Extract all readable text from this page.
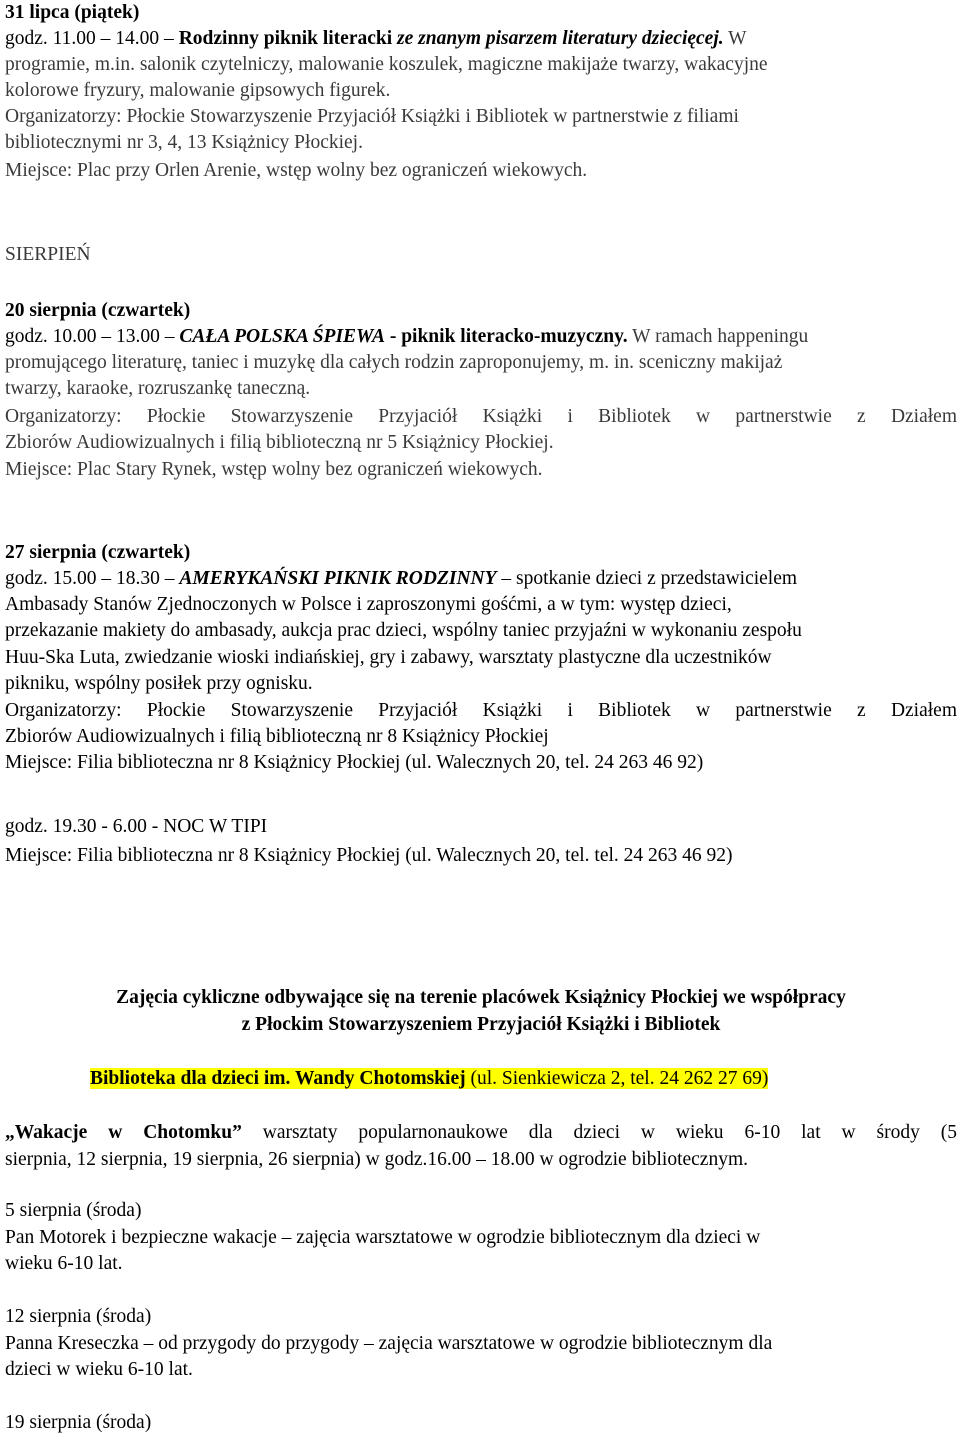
31 lipca (piątek)
godz. 11.00 – 14.00 – Rodzinny piknik literacki ze znanym pisarzem literatury dziecięcej. W
programie, m.in. salonik czytelniczy, malowanie koszulek, magiczne makijaże twarzy, wakacyjne
kolorowe fryzury, malowanie gipsowych figurek.
Organizatorzy: Płockie Stowarzyszenie Przyjaciół Książki i Bibliotek w partnerstwie z filiami
bibliotecznymi nr 3, 4, 13 Książnicy Płockiej.
Miejsce: Plac przy Orlen Arenie, wstęp wolny bez ograniczeń wiekowych.
SIERPIEŃ
20 sierpnia (czwartek)
godz. 10.00 – 13.00 – CAŁA POLSKA ŚPIEWA - piknik literacko-muzyczny. W ramach happeningu
promującego literaturę, taniec i muzykę dla całych rodzin zaproponujemy, m. in. sceniczny makijaż
twarzy, karaoke, rozruszankę taneczną.
Organizatorzy: Płockie Stowarzyszenie Przyjaciół Książki i Bibliotek w partnerstwie z Działem
Zbiorów Audiowizualnych i filią biblioteczną nr 5 Książnicy Płockiej.
Miejsce: Plac Stary Rynek, wstęp wolny bez ograniczeń wiekowych.
27 sierpnia (czwartek)
godz. 15.00 – 18.30 – AMERYKAŃSKI PIKNIK RODZINNY – spotkanie dzieci z przedstawicielem
Ambasady Stanów Zjednoczonych w Polsce i zaproszonymi gośćmi, a w tym: występ dzieci,
przekazanie makiety do ambasady, aukcja prac dzieci, wspólny taniec przyjaźni w wykonaniu zespołu
Huu-Ska Luta, zwiedzanie wioski indiańskiej, gry i zabawy, warsztaty plastyczne dla uczestników
pikniku, wspólny posiłek przy ognisku.
Organizatorzy: Płockie Stowarzyszenie Przyjaciół Książki i Bibliotek w partnerstwie z Działem
Zbiorów Audiowizualnych i filią biblioteczną nr 8 Książnicy Płockiej
Miejsce: Filia biblioteczna nr 8 Książnicy Płockiej (ul. Walecznych 20, tel. 24 263 46 92)
godz. 19.30 - 6.00 - NOC W TIPI
Miejsce: Filia biblioteczna nr 8 Książnicy Płockiej (ul. Walecznych 20, tel. tel. 24 263 46 92)
Zajęcia cykliczne odbywające się na terenie placówek Książnicy Płockiej we współpracy
z Płockim Stowarzyszeniem Przyjaciół Książki i Bibliotek
Biblioteka dla dzieci im. Wandy Chotomskiej (ul. Sienkiewicza 2, tel. 24 262 27 69)
„Wakacje w Chotomku” warsztaty popularnonaukowe dla dzieci w wieku 6-10 lat w środy (5
sierpnia, 12 sierpnia, 19 sierpnia, 26 sierpnia) w godz.16.00 – 18.00 w ogrodzie bibliotecznym.
5 sierpnia (środa)
Pan Motorek i bezpieczne wakacje – zajęcia warsztatowe w ogrodzie bibliotecznym dla dzieci w
wieku 6-10 lat.
12 sierpnia (środa)
Panna Kreseczka – od przygody do przygody – zajęcia warsztatowe w ogrodzie bibliotecznym dla
dzieci w wieku 6-10 lat.
19 sierpnia (środa)
